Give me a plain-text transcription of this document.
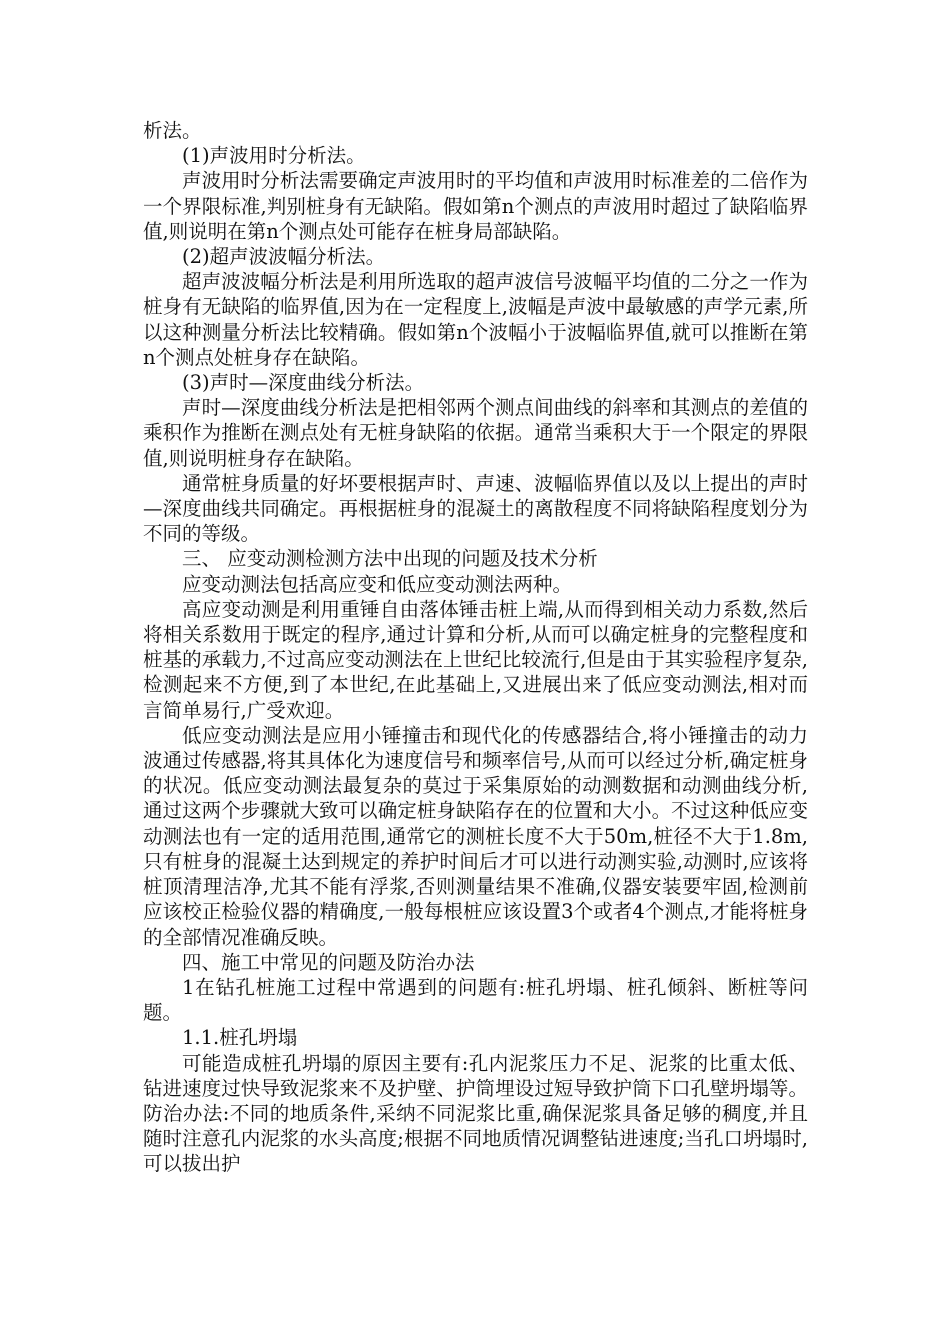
析法。

(1)声波用时分析法。

声波用时分析法需要确定声波用时的平均值和声波用时标准差的二倍作为一个界限标准,判别桩身有无缺陷。假如第n个测点的声波用时超过了缺陷临界值,则说明在第n个测点处可能存在桩身局部缺陷。

(2)超声波波幅分析法。

超声波波幅分析法是利用所选取的超声波信号波幅平均值的二分之一作为桩身有无缺陷的临界值,因为在一定程度上,波幅是声波中最敏感的声学元素,所以这种测量分析法比较精确。假如第n个波幅小于波幅临界值,就可以推断在第n个测点处桩身存在缺陷。

(3)声时—深度曲线分析法。

声时—深度曲线分析法是把相邻两个测点间曲线的斜率和其测点的差值的乘积作为推断在测点处有无桩身缺陷的依据。通常当乘积大于一个限定的界限值,则说明桩身存在缺陷。

通常桩身质量的好坏要根据声时、声速、波幅临界值以及以上提出的声时—深度曲线共同确定。再根据桩身的混凝土的离散程度不同将缺陷程度划分为不同的等级。

三、 应变动测检测方法中出现的问题及技术分析

应变动测法包括高应变和低应变动测法两种。

高应变动测是利用重锤自由落体锤击桩上端,从而得到相关动力系数,然后将相关系数用于既定的程序,通过计算和分析,从而可以确定桩身的完整程度和桩基的承载力,不过高应变动测法在上世纪比较流行,但是由于其实验程序复杂,检测起来不方便,到了本世纪,在此基础上,又进展出来了低应变动测法,相对而言简单易行,广受欢迎。

低应变动测法是应用小锤撞击和现代化的传感器结合,将小锤撞击的动力波通过传感器,将其具体化为速度信号和频率信号,从而可以经过分析,确定桩身的状况。低应变动测法最复杂的莫过于采集原始的动测数据和动测曲线分析,通过这两个步骤就大致可以确定桩身缺陷存在的位置和大小。不过这种低应变动测法也有一定的适用范围,通常它的测桩长度不大于50m,桩径不大于1.8m,只有桩身的混凝土达到规定的养护时间后才可以进行动测实验,动测时,应该将桩顶清理洁净,尤其不能有浮浆,否则测量结果不准确,仪器安装要牢固,检测前应该校正检验仪器的精确度,一般每根桩应该设置3个或者4个测点,才能将桩身的全部情况准确反映。

四、施工中常见的问题及防治办法

1在钻孔桩施工过程中常遇到的问题有:桩孔坍塌、桩孔倾斜、断桩等问题。

1.1.桩孔坍塌

可能造成桩孔坍塌的原因主要有:孔内泥浆压力不足、泥浆的比重太低、钻进速度过快导致泥浆来不及护壁、护筒埋设过短导致护筒下口孔壁坍塌等。防治办法:不同的地质条件,采纳不同泥浆比重,确保泥浆具备足够的稠度,并且随时注意孔内泥浆的水头高度;根据不同地质情况调整钻进速度;当孔口坍塌时,可以拔出护
